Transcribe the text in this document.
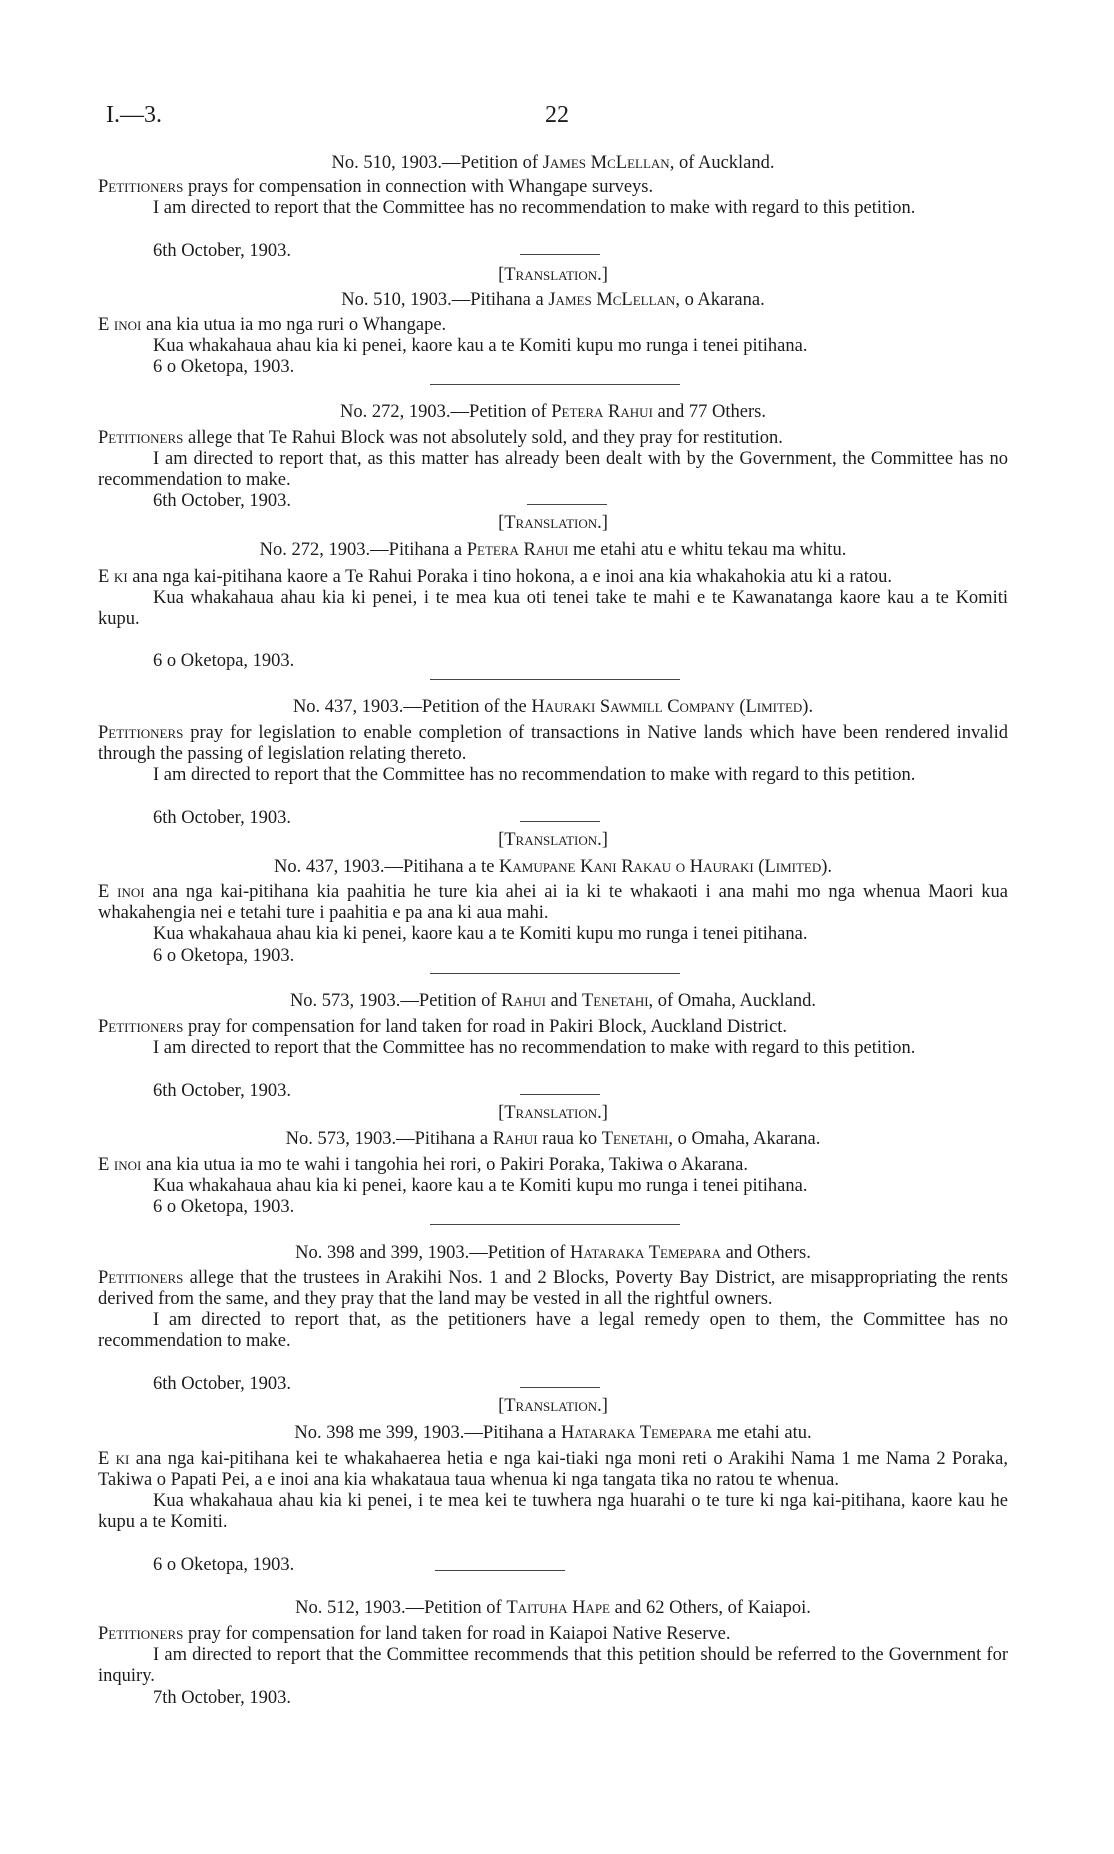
I.—3.	22
No. 510, 1903.—Petition of James McLellan, of Auckland.

Petitioners prays for compensation in connection with Whangape surveys.

I am directed to report that the Committee has no recommendation to make with regard to this petition.

6th October, 1903.
[Translation.]
No. 510, 1903.—Pitihana a James McLellan, o Akarana.

E inoi ana kia utua ia mo nga ruri o Whangape.

Kua whakahaua ahau kia ki penei, kaore kau a te Komiti kupu mo runga i tenei pitihana.

6 o Oketopa, 1903.
No. 272, 1903.—Petition of Petera Rahui and 77 Others.

Petitioners allege that Te Rahui Block was not absolutely sold, and they pray for restitution.

I am directed to report that, as this matter has already been dealt with by the Government, the Committee has no recommendation to make.

6th October, 1903.
[Translation.]
No. 272, 1903.—Pitihana a Petera Rahui me etahi atu e whitu tekau ma whitu.

E ki ana nga kai-pitihana kaore a Te Rahui Poraka i tino hokona, a e inoi ana kia whakahokia atu ki a ratou.

Kua whakahaua ahau kia ki penei, i te mea kua oti tenei take te mahi e te Kawanatanga kaore kau a te Komiti kupu.

6 o Oketopa, 1903.
No. 437, 1903.—Petition of the Hauraki Sawmill Company (Limited).

Petitioners pray for legislation to enable completion of transactions in Native lands which have been rendered invalid through the passing of legislation relating thereto.

I am directed to report that the Committee has no recommendation to make with regard to this petition.

6th October, 1903.
[Translation.]
No. 437, 1903.—Pitihana a te Kamupane Kani Rakau o Hauraki (Limited).

E inoi ana nga kai-pitihana kia paahitia he ture kia ahei ai ia ki te whakaoti i ana mahi mo nga whenua Maori kua whakahengia nei e tetahi ture i paahitia e pa ana ki aua mahi.

Kua whakahaua ahau kia ki penei, kaore kau a te Komiti kupu mo runga i tenei pitihana.

6 o Oketopa, 1903.
No. 573, 1903.—Petition of Rahui and Tenetahi, of Omaha, Auckland.

Petitioners pray for compensation for land taken for road in Pakiri Block, Auckland District.

I am directed to report that the Committee has no recommendation to make with regard to this petition.

6th October, 1903.
[Translation.]
No. 573, 1903.—Pitihana a Rahui raua ko Tenetahi, o Omaha, Akarana.

E inoi ana kia utua ia mo te wahi i tangohia hei rori, o Pakiri Poraka, Takiwa o Akarana.

Kua whakahaua ahau kia ki penei, kaore kau a te Komiti kupu mo runga i tenei pitihana.

6 o Oketopa, 1903.
No. 398 and 399, 1903.—Petition of Hataraka Temepara and Others.

Petitioners allege that the trustees in Arakihi Nos. 1 and 2 Blocks, Poverty Bay District, are misappropriating the rents derived from the same, and they pray that the land may be vested in all the rightful owners.

I am directed to report that, as the petitioners have a legal remedy open to them, the Committee has no recommendation to make.

6th October, 1903.
[Translation.]
No. 398 me 399, 1903.—Pitihana a Hataraka Temepara me etahi atu.

E ki ana nga kai-pitihana kei te whakahaerea hetia e nga kai-tiaki nga moni reti o Arakihi Nama 1 me Nama 2 Poraka, Takiwa o Papati Pei, a e inoi ana kia whakataua taua whenua ki nga tangata tika no ratou te whenua.

Kua whakahaua ahau kia ki penei, i te mea kei te tuwhera nga huarahi o te ture ki nga kai-pitihana, kaore kau he kupu a te Komiti.

6 o Oketopa, 1903.
No. 512, 1903.—Petition of Taituha Hape and 62 Others, of Kaiapoi.

Petitioners pray for compensation for land taken for road in Kaiapoi Native Reserve.

I am directed to report that the Committee recommends that this petition should be referred to the Government for inquiry.

7th October, 1903.
